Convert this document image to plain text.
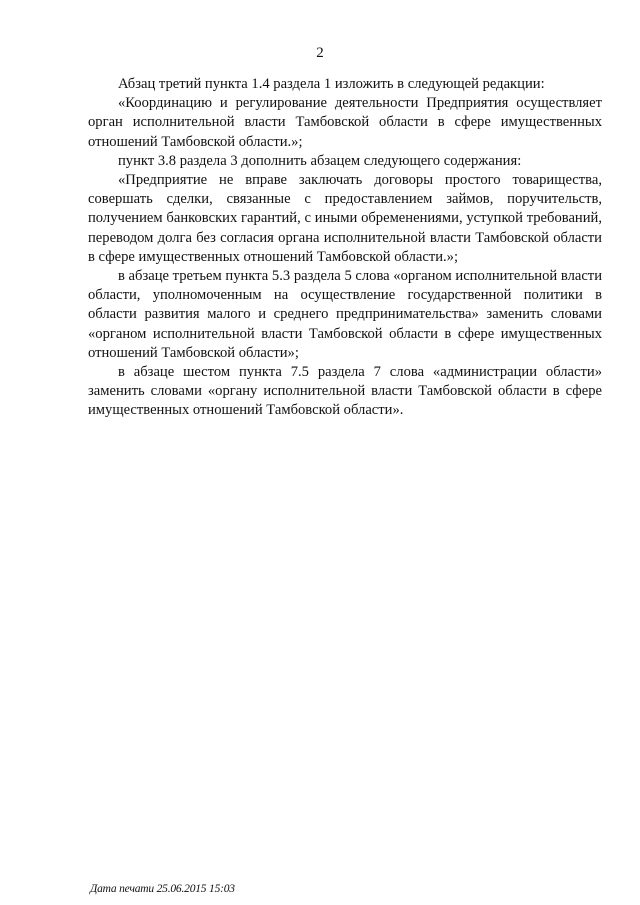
2

Абзац третий пункта 1.4 раздела 1 изложить в следующей редакции:

«Координацию и регулирование деятельности Предприятия осуществляет орган исполнительной власти Тамбовской области в сфере имущественных отношений Тамбовской области.»;

пункт 3.8 раздела 3 дополнить абзацем следующего содержания:

«Предприятие не вправе заключать договоры простого товарищества, совершать сделки, связанные с предоставлением займов, поручительств, получением банковских гарантий, с иными обременениями, уступкой требований, переводом долга без согласия органа исполнительной власти Тамбовской области в сфере имущественных отношений Тамбовской области.»;

в абзаце третьем пункта 5.3 раздела 5 слова «органом исполнительной власти области, уполномоченным на осуществление государственной политики в области развития малого и среднего предпринимательства» заменить словами «органом исполнительной власти Тамбовской области в сфере имущественных отношений Тамбовской области»;

в абзаце шестом пункта 7.5 раздела 7 слова «администрации области» заменить словами «органу исполнительной власти Тамбовской области в сфере имущественных отношений Тамбовской области».

Дата печати 25.06.2015 15:03
